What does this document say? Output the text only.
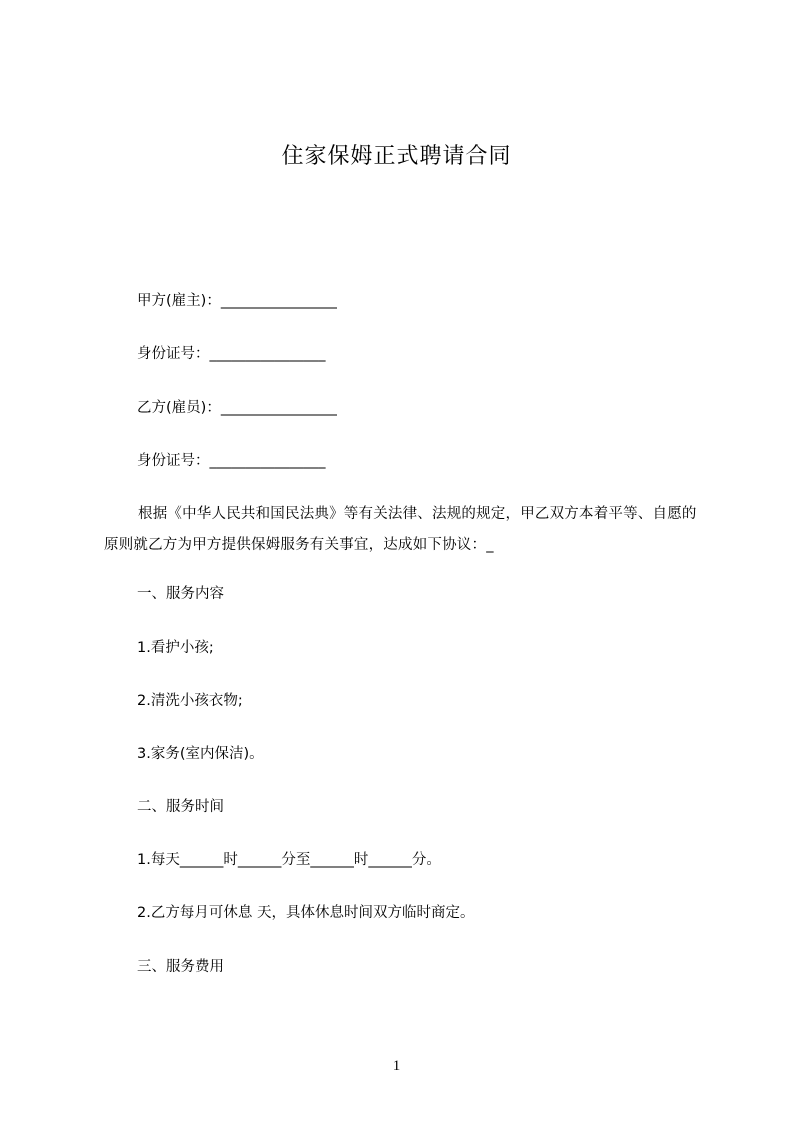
住家保姆正式聘请合同
甲方(雇主)：________________
身份证号：________________
乙方(雇员)：________________
身份证号：________________
根据《中华人民共和国民法典》等有关法律、法规的规定，甲乙双方本着平等、自愿的原则就乙方为甲方提供保姆服务有关事宜，达成如下协议：_
一、服务内容
1.看护小孩;
2.清洗小孩衣物;
3.家务(室内保洁)。
二、服务时间
1.每天______时______分至______时______分。
2.乙方每月可休息 天，具体休息时间双方临时商定。
三、服务费用
1
